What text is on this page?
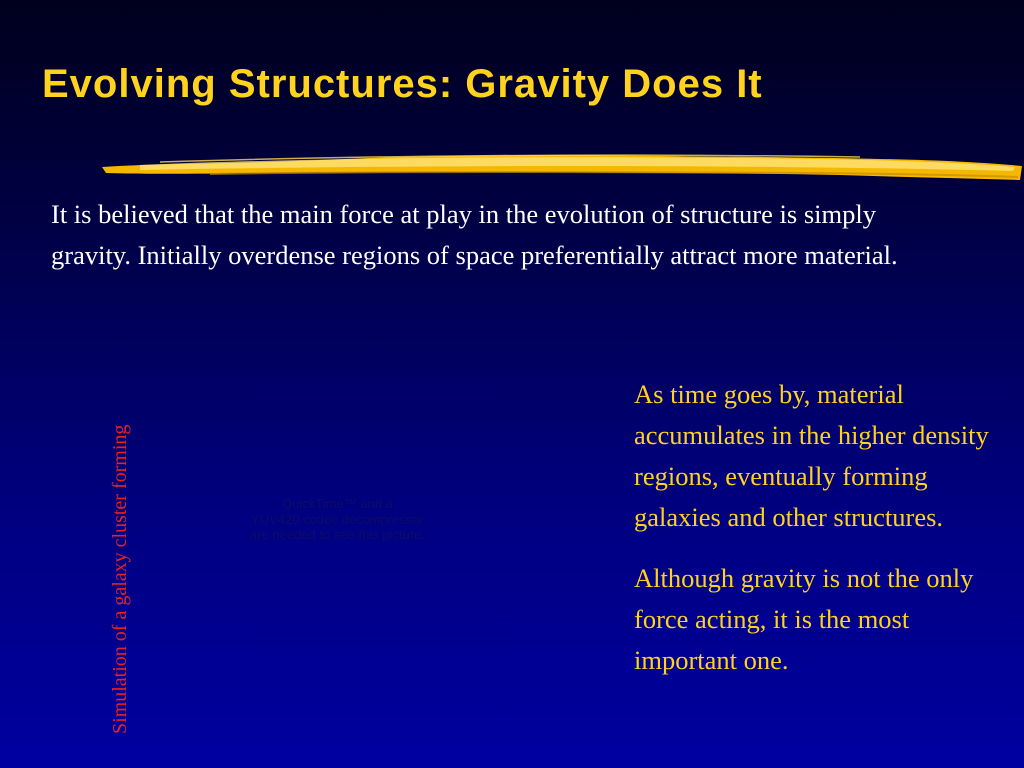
Evolving Structures: Gravity Does It

It is believed that the main force at play in the evolution of structure is simply gravity. Initially overdense regions of space preferentially attract more material.

Simulation of a galaxy cluster forming	QuickTime™ and a
YUV420 codec decompressor
are needed to see this picture.

As time goes by, material accumulates in the higher density regions, eventually forming galaxies and other structures.

Although gravity is not the only force acting, it is the most important one.
